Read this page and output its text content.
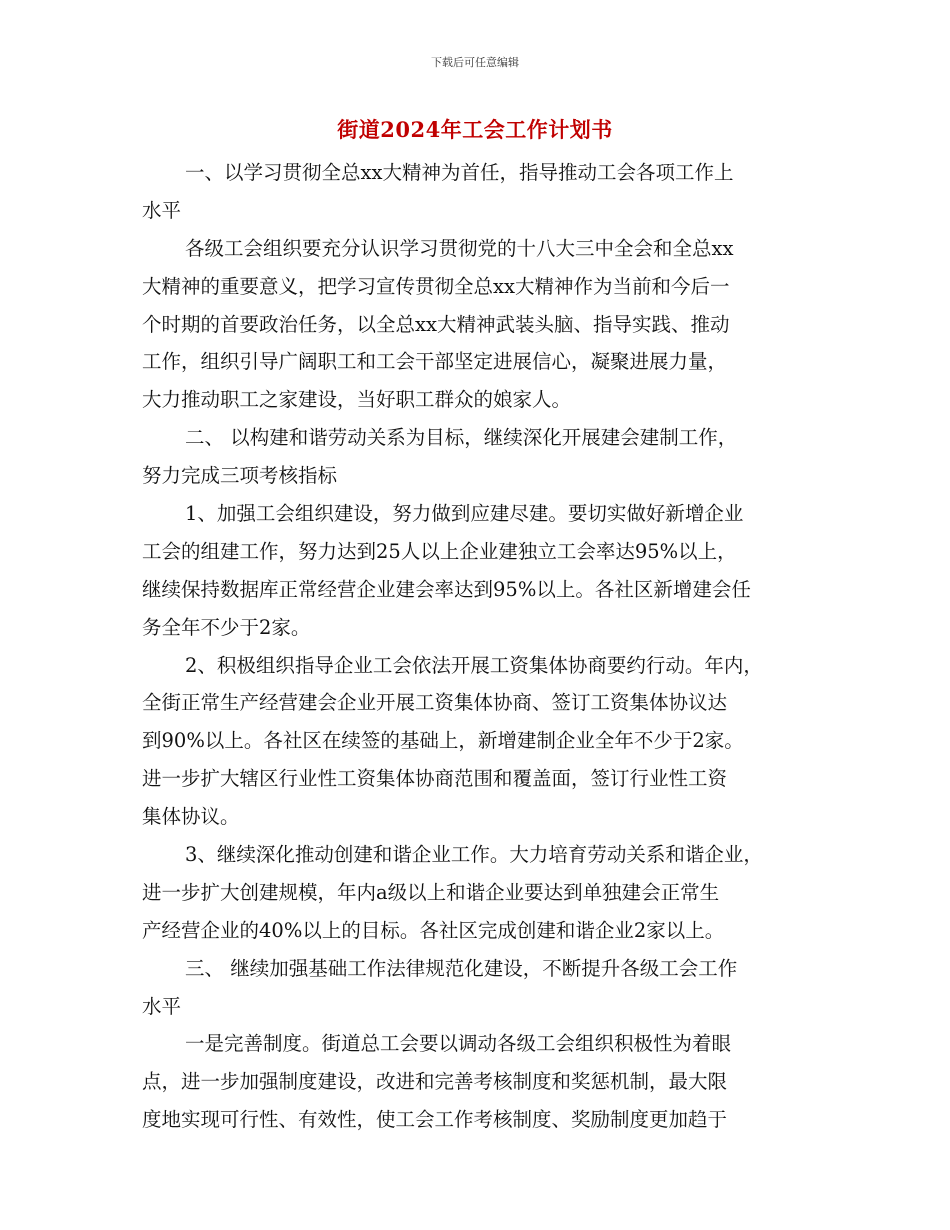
下载后可任意编辑
街道2024年工会工作计划书
一、以学习贯彻全总xx大精神为首任，指导推动工会各项工作上
水平
各级工会组织要充分认识学习贯彻党的十八大三中全会和全总xx
大精神的重要意义，把学习宣传贯彻全总xx大精神作为当前和今后一
个时期的首要政治任务，以全总xx大精神武装头脑、指导实践、推动
工作，组织引导广阔职工和工会干部坚定进展信心，凝聚进展力量，
大力推动职工之家建设，当好职工群众的娘家人。
二、 以构建和谐劳动关系为目标，继续深化开展建会建制工作，
努力完成三项考核指标
1、加强工会组织建设，努力做到应建尽建。要切实做好新增企业
工会的组建工作，努力达到25人以上企业建独立工会率达95%以上，
继续保持数据库正常经营企业建会率达到95%以上。各社区新增建会任
务全年不少于2家。
2、积极组织指导企业工会依法开展工资集体协商要约行动。年内，
全街正常生产经营建会企业开展工资集体协商、签订工资集体协议达
到90%以上。各社区在续签的基础上，新增建制企业全年不少于2家。
进一步扩大辖区行业性工资集体协商范围和覆盖面，签订行业性工资
集体协议。
3、继续深化推动创建和谐企业工作。大力培育劳动关系和谐企业，
进一步扩大创建规模，年内a级以上和谐企业要达到单独建会正常生
产经营企业的40%以上的目标。各社区完成创建和谐企业2家以上。
三、 继续加强基础工作法律规范化建设，不断提升各级工会工作
水平
一是完善制度。街道总工会要以调动各级工会组织积极性为着眼
点，进一步加强制度建设，改进和完善考核制度和奖惩机制，最大限
度地实现可行性、有效性，使工会工作考核制度、奖励制度更加趋于
